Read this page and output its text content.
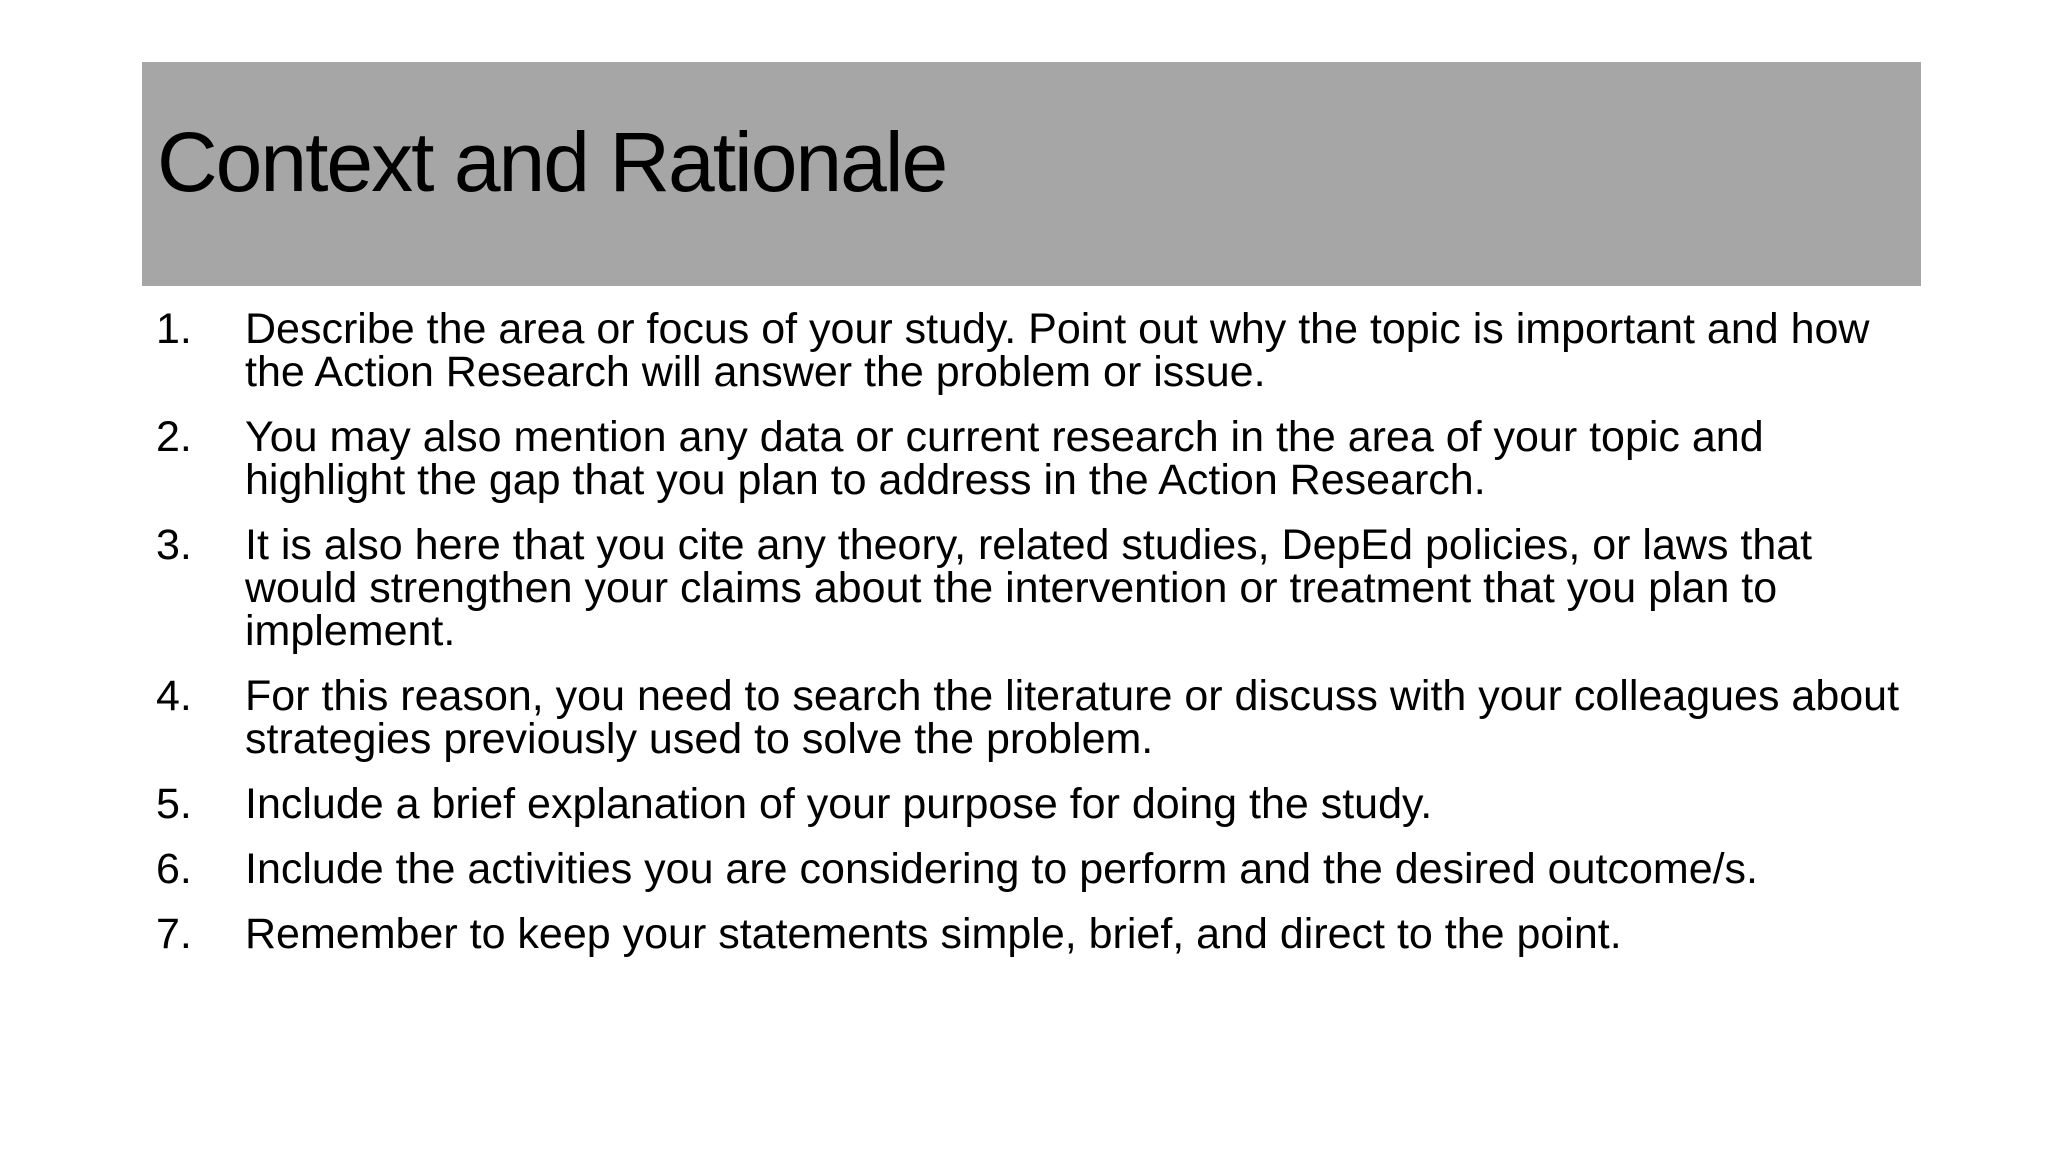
Context and Rationale
1. Describe the area or focus of your study. Point out why the topic is important and how the Action Research will answer the problem or issue.
2. You may also mention any data or current research in the area of your topic and highlight the gap that you plan to address in the Action Research.
3. It is also here that you cite any theory, related studies, DepEd policies, or laws that would strengthen your claims about the intervention or treatment that you plan to implement.
4. For this reason, you need to search the literature or discuss with your colleagues about strategies previously used to solve the problem.
5. Include a brief explanation of your purpose for doing the study.
6. Include the activities you are considering to perform and the desired outcome/s.
7. Remember to keep your statements simple, brief, and direct to the point.
